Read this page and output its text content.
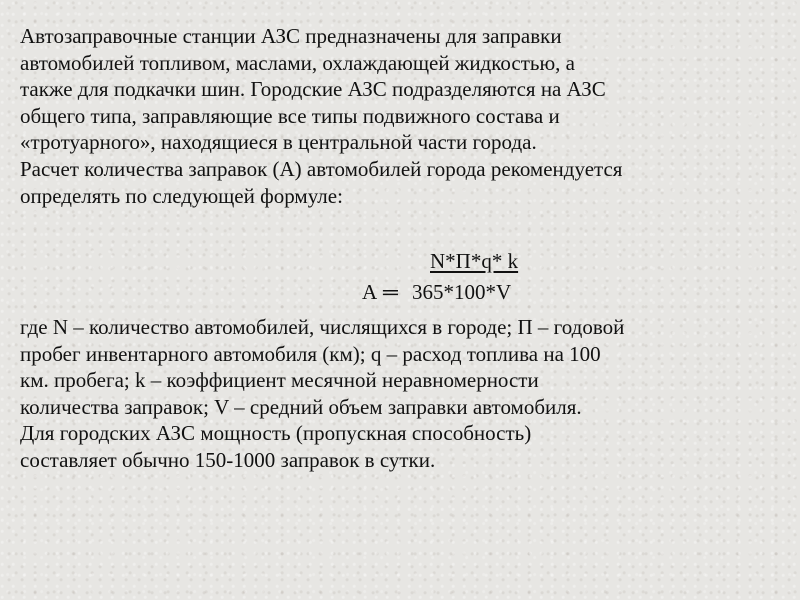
Автозаправочные станции АЗС предназначены для заправки
автомобилей топливом, маслами, охлаждающей жидкостью, а
также для подкачки шин. Городские АЗС подразделяются на АЗС
общего типа, заправляющие все типы подвижного состава и
«тротуарного», находящиеся в центральной части города.
Расчет количества заправок (А) автомобилей города рекомендуется
определять по следующей формуле:
N*П*q* k
А ═ 365*100*V
где N – количество автомобилей, числящихся в городе; П – годовой
пробег инвентарного автомобиля (км); q – расход топлива на 100
км. пробега; k – коэффициент месячной неравномерности
количества заправок; V – средний объем заправки автомобиля.
Для городских АЗС мощность (пропускная способность)
составляет обычно 150-1000 заправок в сутки.
